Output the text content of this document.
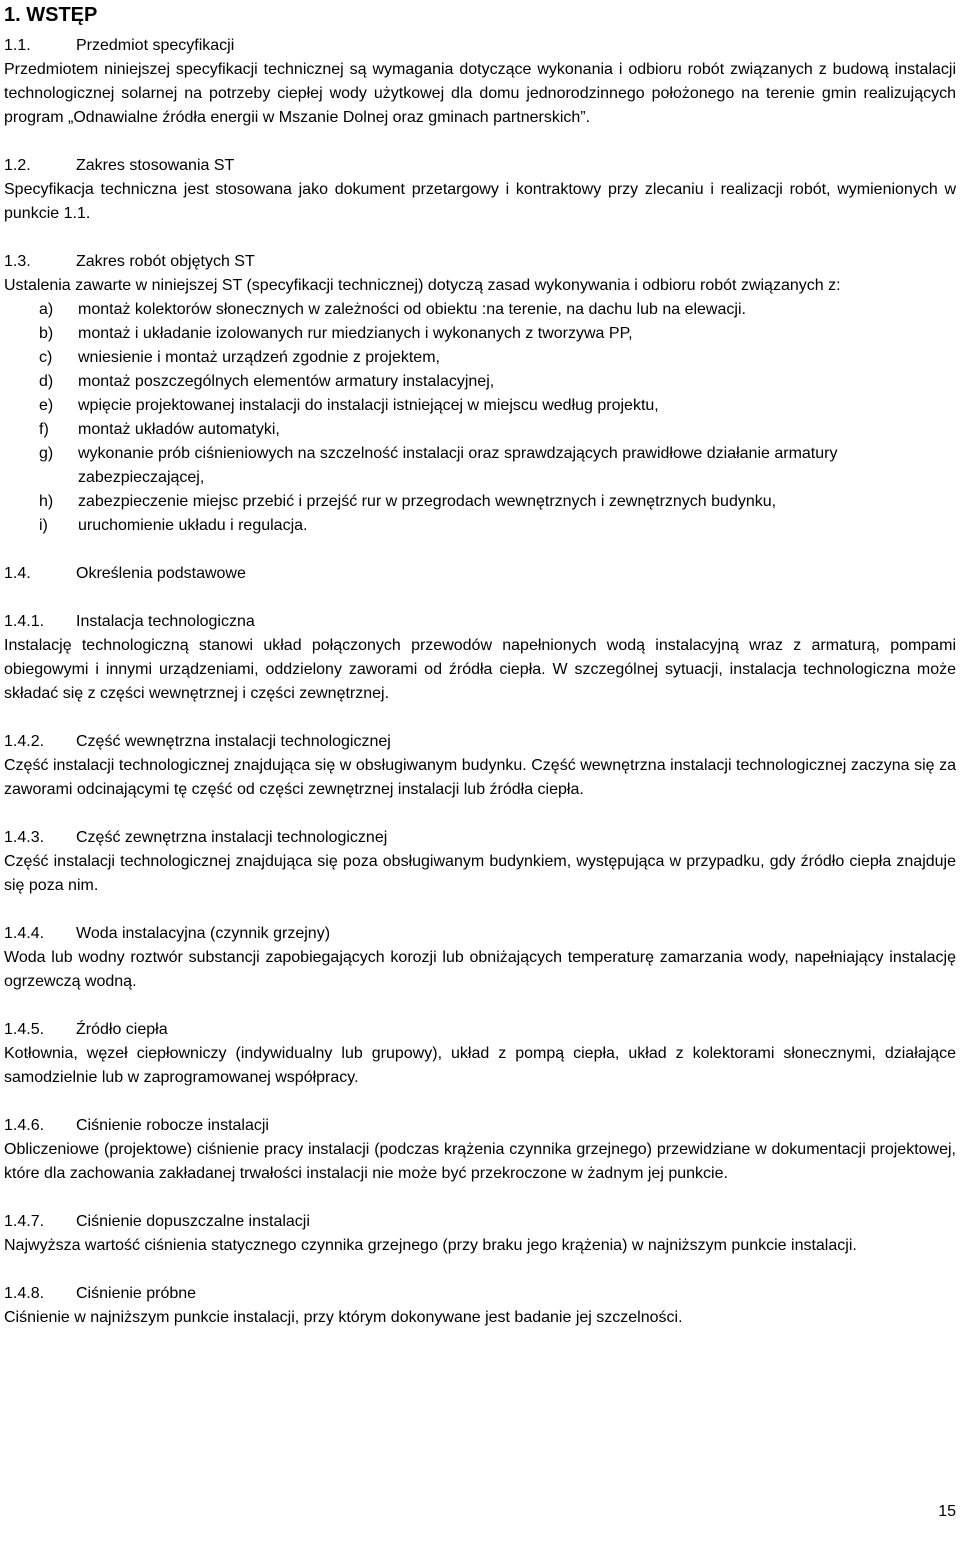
1. WSTĘP
1.1.	Przedmiot specyfikacji

Przedmiotem niniejszej specyfikacji technicznej są wymagania dotyczące wykonania i odbioru robót związanych z budową instalacji technologicznej solarnej na potrzeby ciepłej wody użytkowej dla domu jednorodzinnego położonego na terenie gmin realizujących program „Odnawialne źródła energii w Mszanie Dolnej oraz gminach partnerskich”.

1.2.	Zakres stosowania ST

Specyfikacja techniczna jest stosowana jako dokument przetargowy i kontraktowy przy zlecaniu i realizacji robót, wymienionych w punkcie 1.1.

1.3.	Zakres robót objętych ST

Ustalenia zawarte w niniejszej ST (specyfikacji technicznej) dotyczą zasad wykonywania i odbioru robót związanych z:

a) montaż kolektorów słonecznych w zależności od obiektu :na terenie, na dachu lub na elewacji.
b) montaż i układanie izolowanych rur miedzianych i wykonanych z tworzywa PP,
c) wniesienie i montaż urządzeń zgodnie z projektem,
d) montaż poszczególnych elementów armatury instalacyjnej,
e) wpięcie projektowanej instalacji do instalacji istniejącej w miejscu według projektu,
f) montaż układów automatyki,
g) wykonanie prób ciśnieniowych na szczelność instalacji oraz sprawdzających prawidłowe działanie armatury zabezpieczającej,
h) zabezpieczenie miejsc przebić i przejść rur w przegrodach wewnętrznych i zewnętrznych budynku,
i) uruchomienie układu i regulacja.
1.4.	Określenia podstawowe
1.4.1. Instalacja technologiczna

Instalację technologiczną stanowi układ połączonych przewodów napełnionych wodą instalacyjną wraz z armaturą, pompami obiegowymi i innymi urządzeniami, oddzielony zaworami od źródła ciepła. W szczególnej sytuacji, instalacja technologiczna może składać się z części wewnętrznej i części zewnętrznej.

1.4.2. Część wewnętrzna instalacji technologicznej

Część instalacji technologicznej znajdująca się w obsługiwanym budynku. Część wewnętrzna instalacji technologicznej zaczyna się za zaworami odcinającymi tę część od części zewnętrznej instalacji lub źródła ciepła.

1.4.3. Część zewnętrzna instalacji technologicznej

Część instalacji technologicznej znajdująca się poza obsługiwanym budynkiem, występująca w przypadku, gdy źródło ciepła znajduje się poza nim.

1.4.4. Woda instalacyjna (czynnik grzejny)

Woda lub wodny roztwór substancji zapobiegających korozji lub obniżających temperaturę zamarzania wody, napełniający instalację ogrzewczą wodną.

1.4.5. Źródło ciepła

Kotłownia, węzeł ciepłowniczy (indywidualny lub grupowy), układ z pompą ciepła, układ z kolektorami słonecznymi, działające samodzielnie lub w zaprogramowanej współpracy.

1.4.6. Ciśnienie robocze instalacji

Obliczeniowe (projektowe) ciśnienie pracy instalacji (podczas krążenia czynnika grzejnego) przewidziane w dokumentacji projektowej, które dla zachowania zakładanej trwałości instalacji nie może być przekroczone w żadnym jej punkcie.

1.4.7. Ciśnienie dopuszczalne instalacji

Najwyższa wartość ciśnienia statycznego czynnika grzejnego (przy braku jego krążenia) w najniższym punkcie instalacji.

1.4.8. Ciśnienie próbne

Ciśnienie w najniższym punkcie instalacji, przy którym dokonywane jest badanie jej szczelności.

15
